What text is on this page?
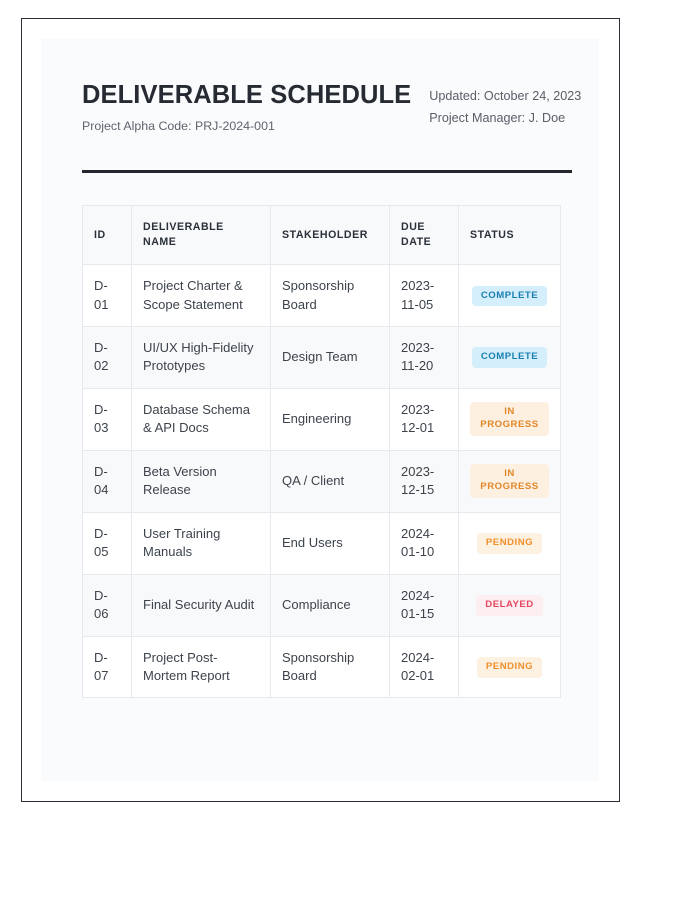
DELIVERABLE SCHEDULE
Project Alpha Code: PRJ-2024-001
Updated: October 24, 2023
Project Manager: J. Doe
ID	DELIVERABLE NAME	STAKEHOLDER	DUE DATE	STATUS
D-01	Project Charter & Scope Statement	Sponsorship Board	2023-11-05	COMPLETE
D-02	UI/UX High-Fidelity Prototypes	Design Team	2023-11-20	COMPLETE
D-03	Database Schema & API Docs	Engineering	2023-12-01	IN PROGRESS
D-04	Beta Version Release	QA / Client	2023-12-15	IN PROGRESS
D-05	User Training Manuals	End Users	2024-01-10	PENDING
D-06	Final Security Audit	Compliance	2024-01-15	DELAYED
D-07	Project Post-Mortem Report	Sponsorship Board	2024-02-01	PENDING
